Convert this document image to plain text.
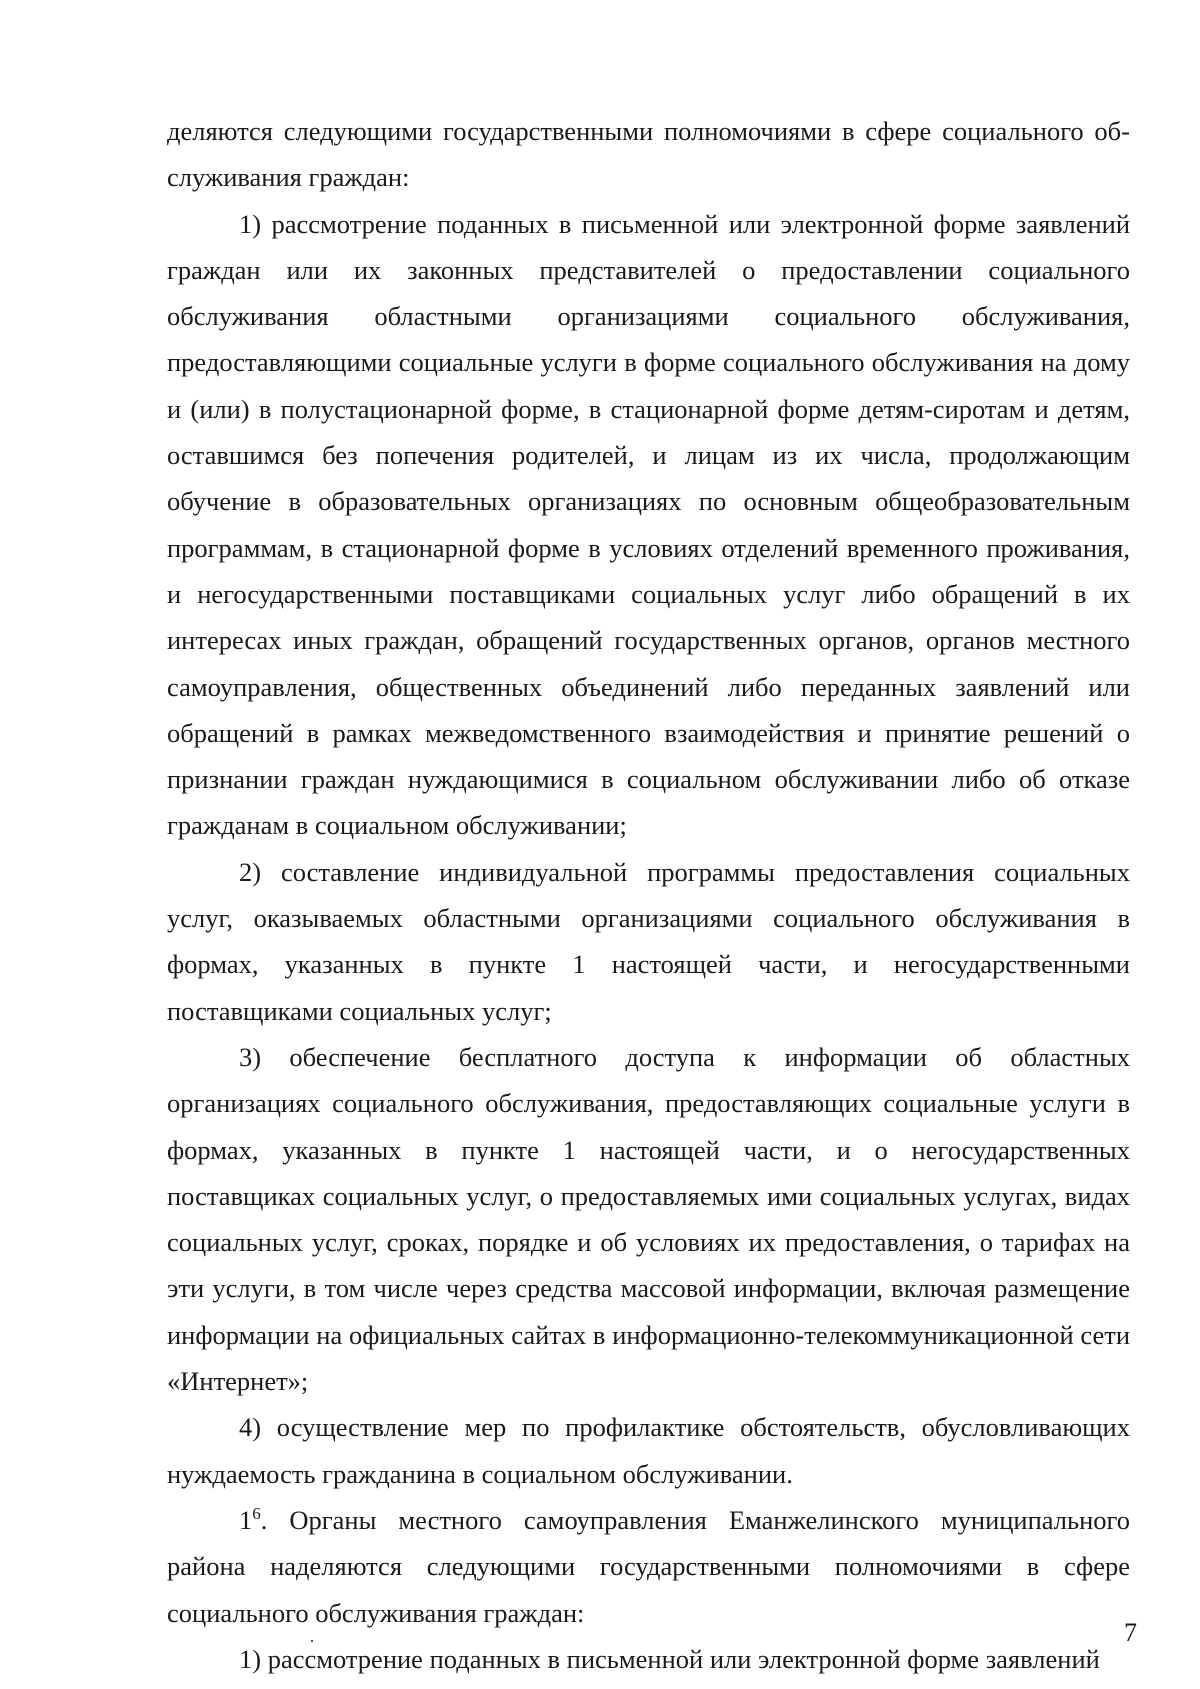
деляются следующими государственными полномочиями в сфере социального обслуживания граждан:

1) рассмотрение поданных в письменной или электронной форме заявлений граждан или их законных представителей о предоставлении социального обслуживания областными организациями социального обслуживания, предоставляющими социальные услуги в форме социального обслуживания на дому и (или) в полустационарной форме, в стационарной форме детям-сиротам и детям, оставшимся без попечения родителей, и лицам из их числа, продолжающим обучение в образовательных организациях по основным общеобразовательным программам, в стационарной форме в условиях отделений временного проживания, и негосударственными поставщиками социальных услуг либо обращений в их интересах иных граждан, обращений государственных органов, органов местного самоуправления, общественных объединений либо переданных заявлений или обращений в рамках межведомственного взаимодействия и принятие решений о признании граждан нуждающимися в социальном обслуживании либо об отказе гражданам в социальном обслуживании;

2) составление индивидуальной программы предоставления социальных услуг, оказываемых областными организациями социального обслуживания в формах, указанных в пункте 1 настоящей части, и негосударственными поставщиками социальных услуг;

3) обеспечение бесплатного доступа к информации об областных организациях социального обслуживания, предоставляющих социальные услуги в формах, указанных в пункте 1 настоящей части, и о негосударственных поставщиках социальных услуг, о предоставляемых ими социальных услугах, видах социальных услуг, сроках, порядке и об условиях их предоставления, о тарифах на эти услуги, в том числе через средства массовой информации, включая размещение информации на официальных сайтах в информационно-телекоммуникационной сети «Интернет»;

4) осуществление мер по профилактике обстоятельств, обусловливающих нуждаемость гражданина в социальном обслуживании.

$1^6$. Органы местного самоуправления Еманжелинского муниципального района наделяются следующими государственными полномочиями в сфере социального обслуживания граждан:

1) рассмотрение поданных в письменной или электронной форме заявлений

7
